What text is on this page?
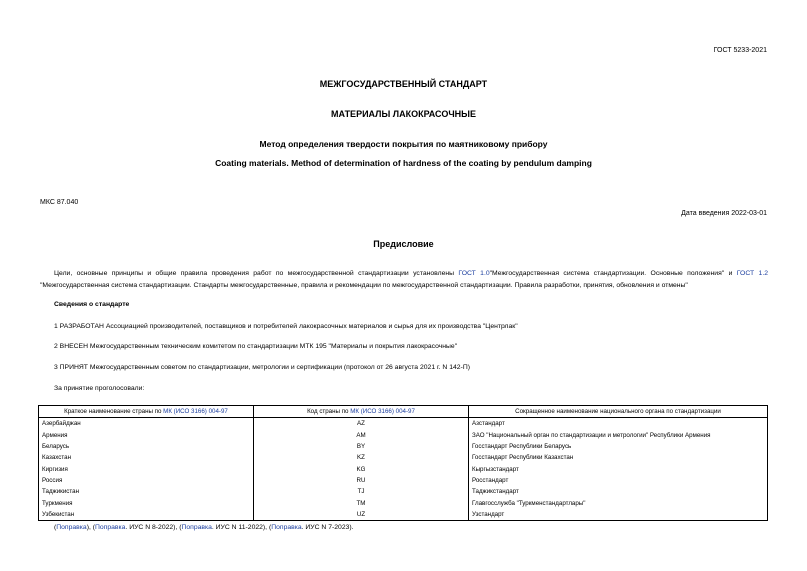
ГОСТ 5233-2021
МЕЖГОСУДАРСТВЕННЫЙ СТАНДАРТ
МАТЕРИАЛЫ ЛАКОКРАСОЧНЫЕ
Метод определения твердости покрытия по маятниковому прибору
Coating materials. Method of determination of hardness of the coating by pendulum damping
МКС 87.040
Дата введения 2022-03-01
Предисловие
Цели, основные принципы и общие правила проведения работ по межгосударственной стандартизации установлены ГОСТ 1.0"Межгосударственная система стандартизации. Основные положения" и ГОСТ 1.2 "Межгосударственная система стандартизации. Стандарты межгосударственные, правила и рекомендации по межгосударственной стандартизации. Правила разработки, принятия, обновления и отмены"
Сведения о стандарте
1 РАЗРАБОТАН Ассоциацией производителей, поставщиков и потребителей лакокрасочных материалов и сырья для их производства "Центрлак"
2 ВНЕСЕН Межгосударственным техническим комитетом по стандартизации МТК 195 "Материалы и покрытия лакокрасочные"
3 ПРИНЯТ Межгосударственным советом по стандартизации, метрологии и сертификации (протокол от 26 августа 2021 г. N 142-П)
За принятие проголосовали:
Краткое наименование страны по МК (ИСО 3166) 004-97	Код страны по МК (ИСО 3166) 004-97	Сокращенное наименование национального органа по стандартизации
Азербайджан	AZ	Азстандарт
Армения	AM	ЗАО "Национальный орган по стандартизации и метрологии" Республики Армения
Беларусь	BY	Госстандарт Республики Беларусь
Казахстан	KZ	Госстандарт Республики Казахстан
Киргизия	KG	Кыргызстандарт
Россия	RU	Росстандарт
Таджикистан	TJ	Таджикстандарт
Туркмения	TM	Главгосслужба "Туркменстандартлары"
Узбекистан	UZ	Узстандарт
(Поправка), (Поправка. ИУС N 8-2022), (Поправка. ИУС N 11-2022), (Поправка. ИУС N 7-2023).
